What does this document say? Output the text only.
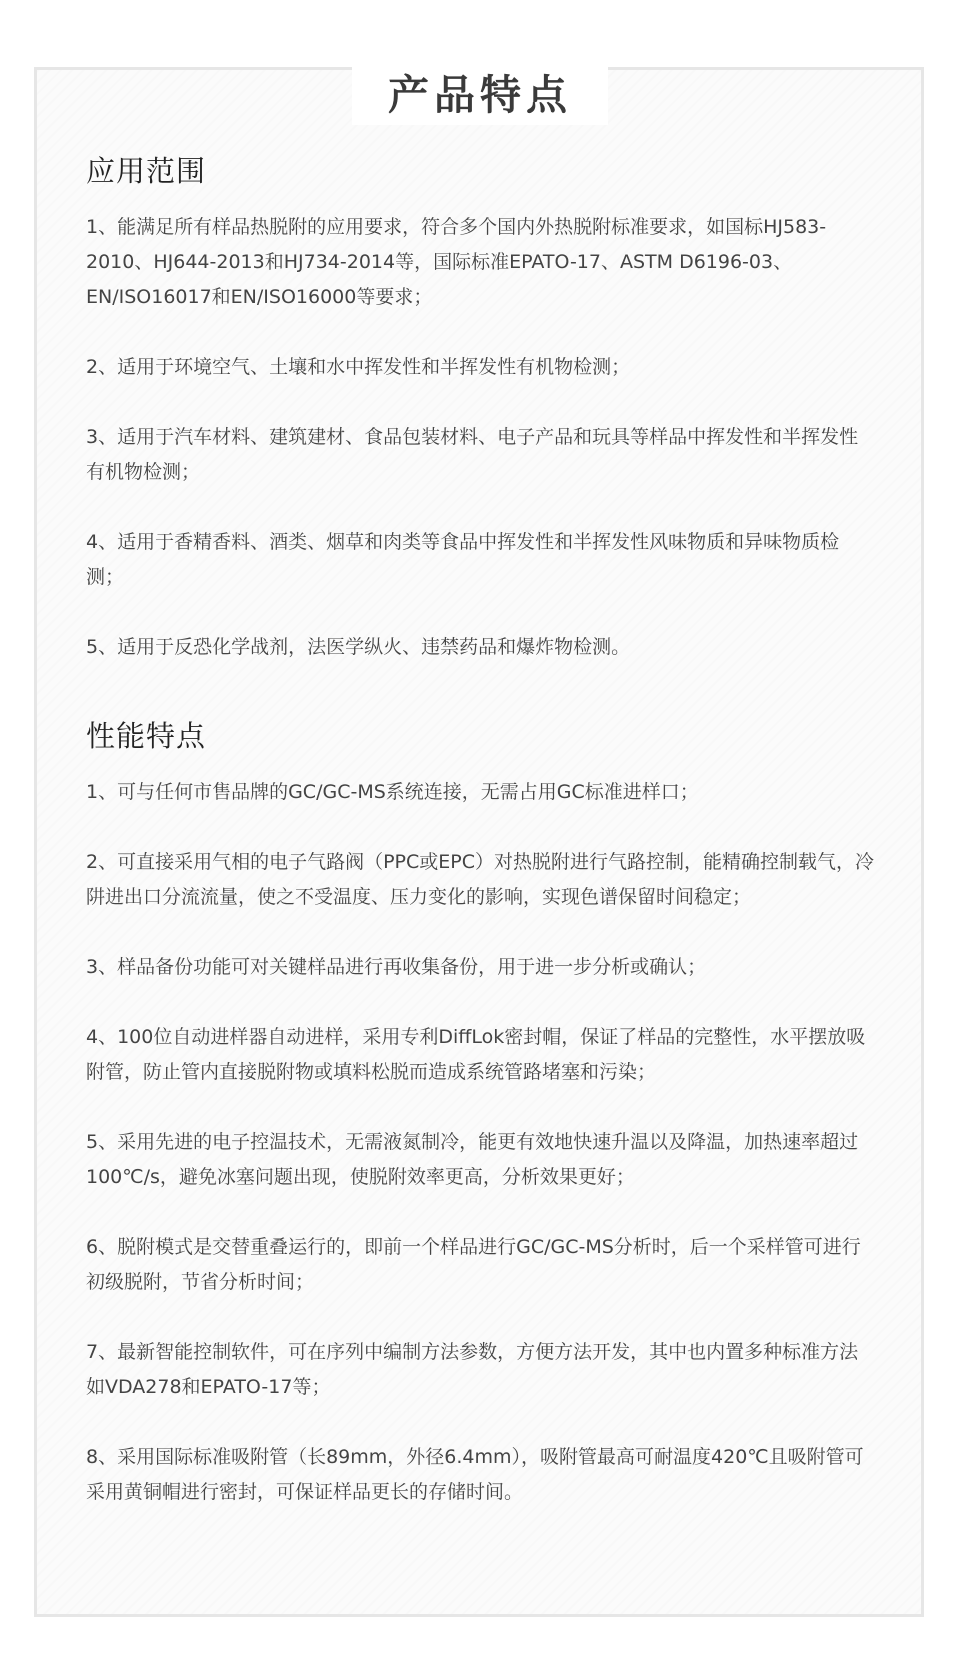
产品特点
应用范围

1、能满足所有样品热脱附的应用要求，符合多个国内外热脱附标准要求，如国标HJ583-2010、HJ644-2013和HJ734-2014等，国际标准EPATO-17、ASTM D6196-03、EN/ISO16017和EN/ISO16000等要求；

2、适用于环境空气、土壤和水中挥发性和半挥发性有机物检测；

3、适用于汽车材料、建筑建材、食品包装材料、电子产品和玩具等样品中挥发性和半挥发性有机物检测；

4、适用于香精香料、酒类、烟草和肉类等食品中挥发性和半挥发性风味物质和异味物质检测；

5、适用于反恐化学战剂，法医学纵火、违禁药品和爆炸物检测。

性能特点

1、可与任何市售品牌的GC/GC-MS系统连接，无需占用GC标准进样口；

2、可直接采用气相的电子气路阀（PPC或EPC）对热脱附进行气路控制，能精确控制载气，冷阱进出口分流流量，使之不受温度、压力变化的影响，实现色谱保留时间稳定；

3、样品备份功能可对关键样品进行再收集备份，用于进一步分析或确认；

4、100位自动进样器自动进样，采用专利DiffLok密封帽，保证了样品的完整性，水平摆放吸附管，防止管内直接脱附物或填料松脱而造成系统管路堵塞和污染；

5、采用先进的电子控温技术，无需液氮制冷，能更有效地快速升温以及降温，加热速率超过100℃/s，避免冰塞问题出现，使脱附效率更高，分析效果更好；

6、脱附模式是交替重叠运行的，即前一个样品进行GC/GC-MS分析时，后一个采样管可进行初级脱附，节省分析时间；

7、最新智能控制软件，可在序列中编制方法参数，方便方法开发，其中也内置多种标准方法如VDA278和EPATO-17等；

8、采用国际标准吸附管（长89mm，外径6.4mm），吸附管最高可耐温度420℃且吸附管可采用黄铜帽进行密封，可保证样品更长的存储时间。
